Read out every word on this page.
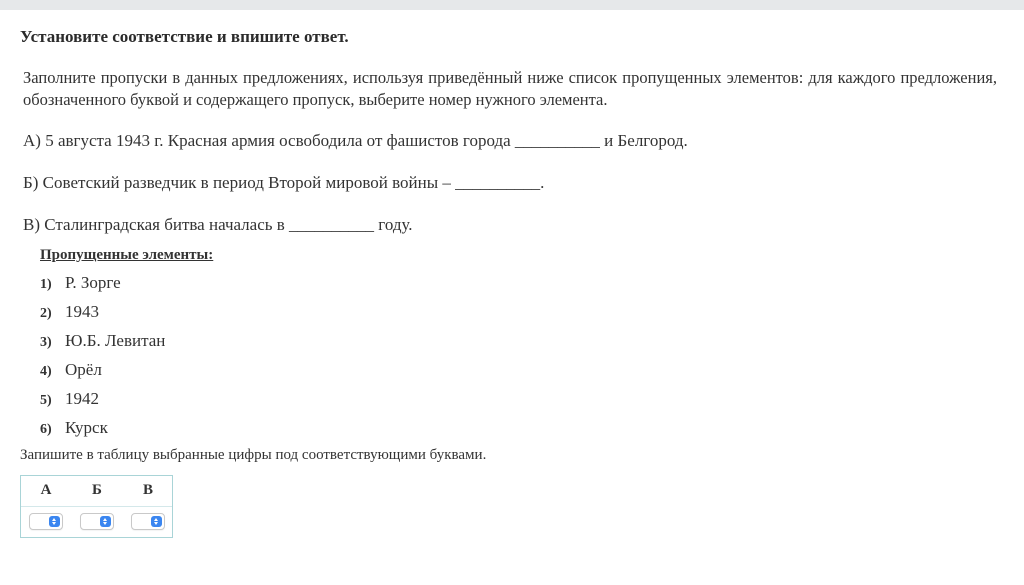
Установите соответствие и впишите ответ.
Заполните пропуски в данных предложениях, используя приведённый ниже список пропущенных элементов: для каждого предложения, обозначенного буквой и содержащего пропуск, выберите номер нужного элемента.
А) 5 августа 1943 г. Красная армия освободила от фашистов города __________ и Белгород.
Б) Советский разведчик в период Второй мировой войны – __________.
В) Сталинградская битва началась в __________ году.
Пропущенные элементы:
1) Р. Зорге
2) 1943
3) Ю.Б. Левитан
4) Орёл
5) 1942
6) Курск
Запишите в таблицу выбранные цифры под соответствующими буквами.
А	Б	В
